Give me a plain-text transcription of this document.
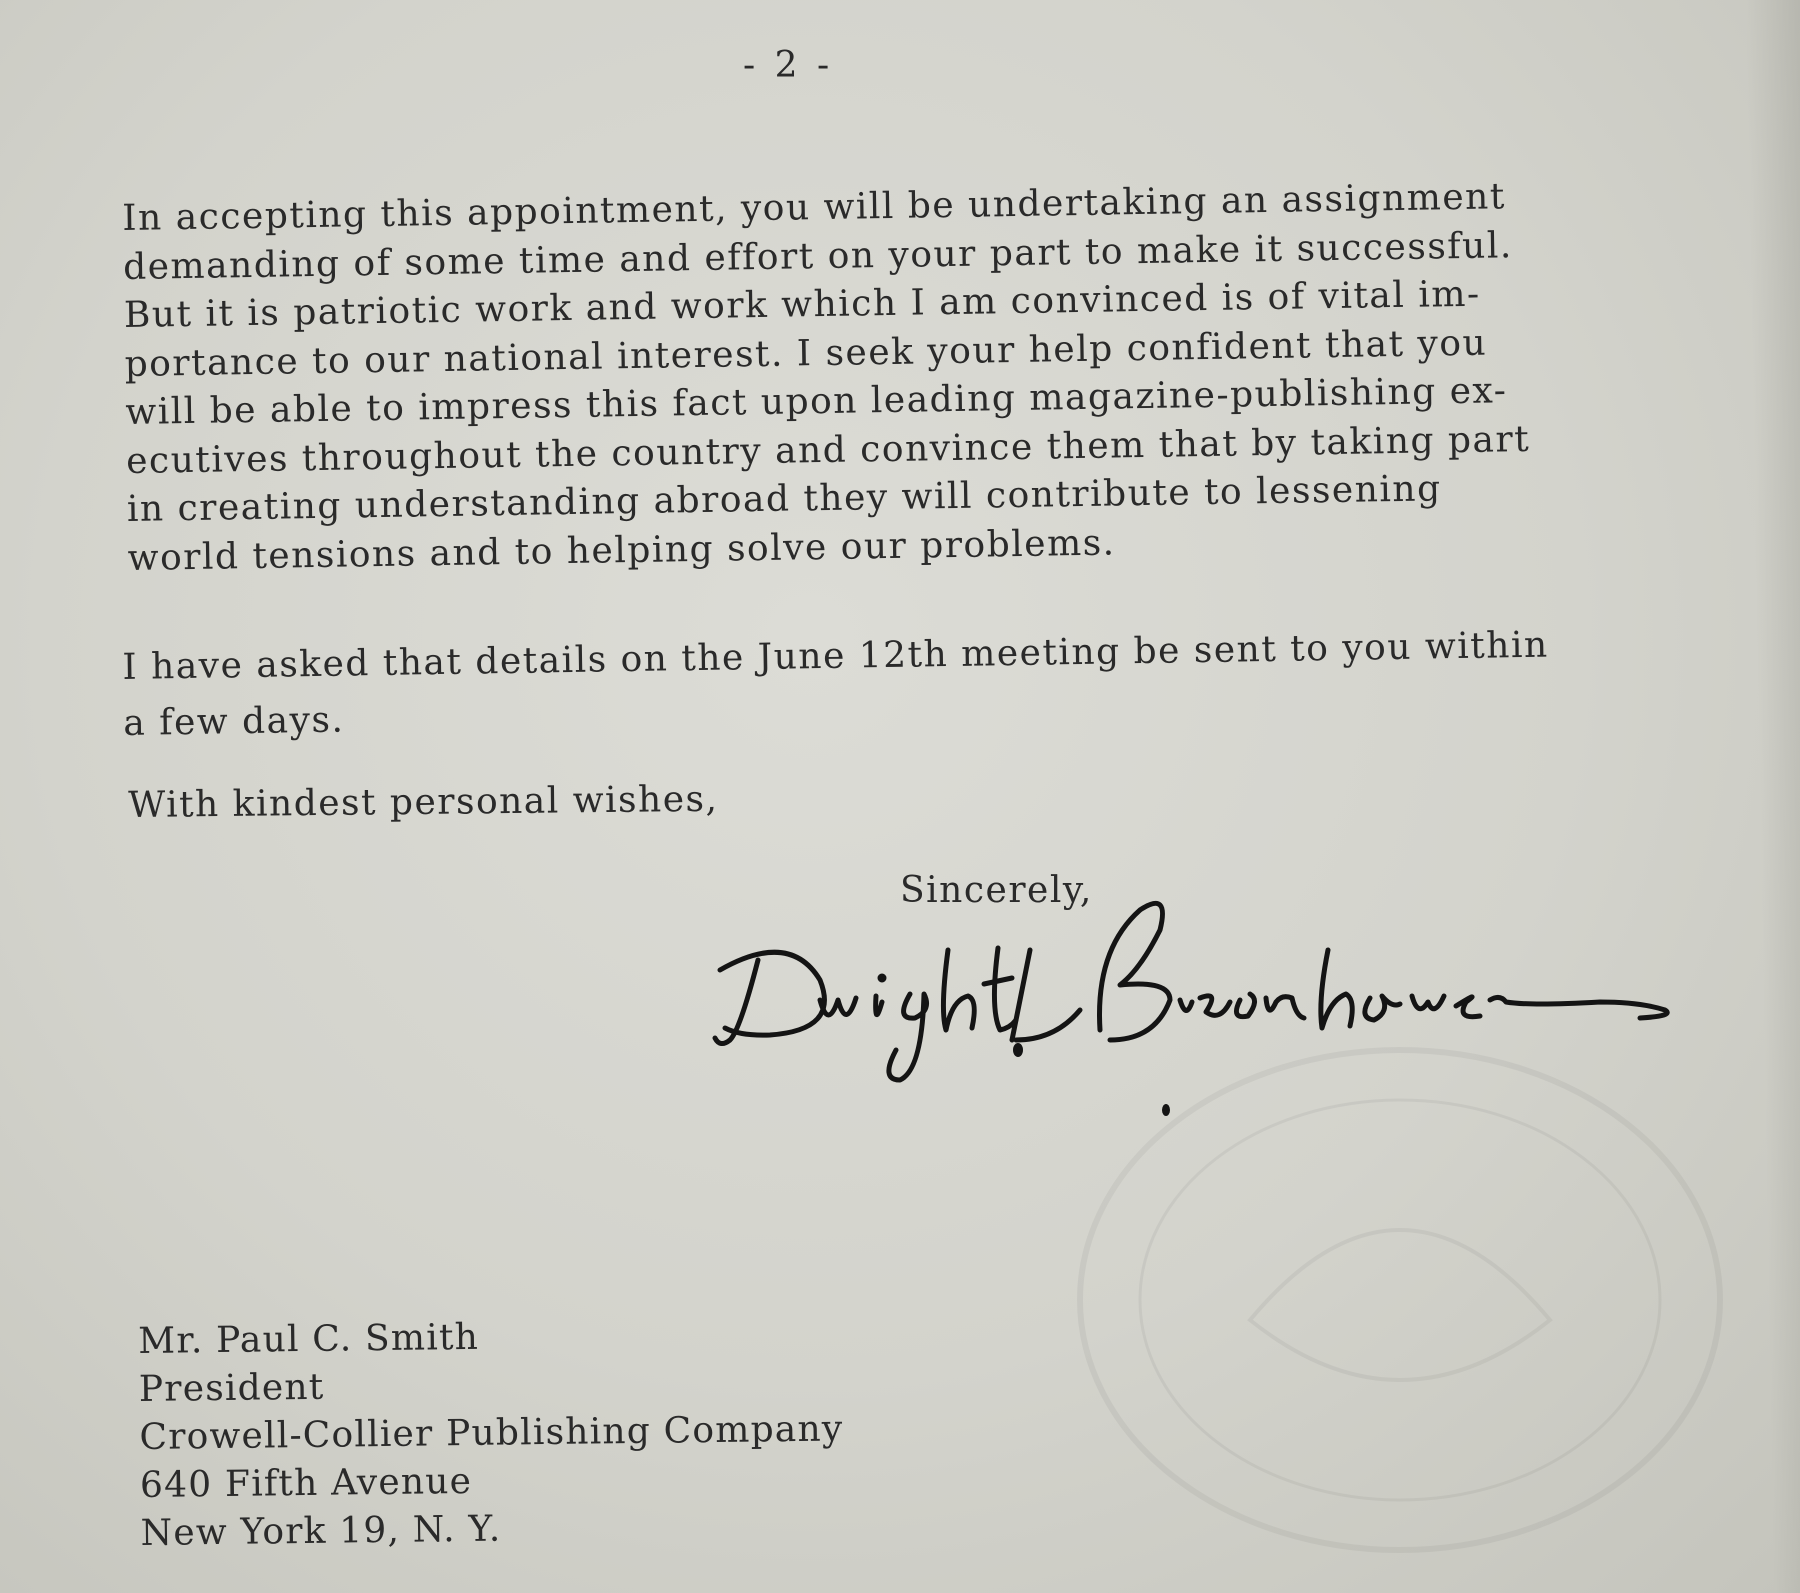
- 2 -
In accepting this appointment, you will be undertaking an assignment
demanding of some time and effort on your part to make it successful.
But it is patriotic work and work which I am convinced is of vital im-
portance to our national interest. I seek your help confident that you
will be able to impress this fact upon leading magazine-publishing ex-
ecutives throughout the country and convince them that by taking part
in creating understanding abroad they will contribute to lessening
world tensions and to helping solve our problems.
I have asked that details on the June 12th meeting be sent to you within
a few days.
With kindest personal wishes,
Sincerely,
Mr. Paul C. Smith
President
Crowell-Collier Publishing Company
640 Fifth Avenue
New York 19, N. Y.
